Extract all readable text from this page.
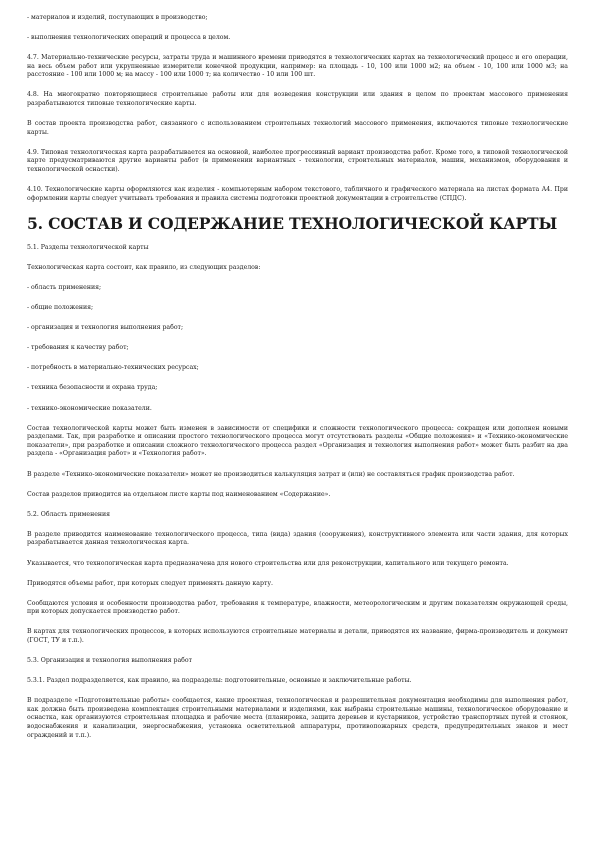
- материалов и изделий, поступающих в производство;
- выполнения технологических операций и процесса в целом.
4.7. Материально-технические ресурсы, затраты труда и машинного времени приводятся в технологических картах на технологический процесс и его операции, на весь объем работ или укрупненные измерители конечной продукции, например: на площадь - 10, 100 или 1000 м2; на объем - 10, 100 или 1000 м3; на расстояние - 100 или 1000 м; на массу - 100 или 1000 т; на количество - 10 или 100 шт.
4.8. На многократно повторяющиеся строительные работы или для возведения конструкции или здания в целом по проектам массового применения разрабатываются типовые технологические карты.
В состав проекта производства работ, связанного с использованием строительных технологий массового применения, включаются типовые технологические карты.
4.9. Типовая технологическая карта разрабатывается на основной, наиболее прогрессивный вариант производства работ. Кроме того, в типовой технологической карте предусматриваются другие варианты работ (в применении вариантных - технологии, строительных материалов, машин, механизмов, оборудования и технологической оснастки).
4.10. Технологические карты оформляются как изделия - компьютерным набором текстового, табличного и графического материала на листах формата А4. При оформлении карты следует учитывать требования и правила системы подготовки проектной документации в строительстве (СПДС).
5. СОСТАВ И СОДЕРЖАНИЕ ТЕХНОЛОГИЧЕСКОЙ КАРТЫ
5.1. Разделы технологической карты
Технологическая карта состоит, как правило, из следующих разделов:
- область применения;
- общие положения;
- организация и технология выполнения работ;
- требования к качеству работ;
- потребность в материально-технических ресурсах;
- техника безопасности и охрана труда;
- технико-экономические показатели.
Состав технологической карты может быть изменен в зависимости от специфики и сложности технологического процесса: сокращен или дополнен новыми разделами. Так, при разработке и описании простого технологического процесса могут отсутствовать разделы «Общие положения» и «Технико-экономические показатели», при разработке и описании сложного технологического процесса раздел «Организация и технология выполнения работ» может быть разбит на два раздела - «Организация работ» и «Технология работ».
В разделе «Технико-экономические показатели» может не производиться калькуляция затрат и (или) не составляться график производства работ.
Состав разделов приводится на отдельном листе карты под наименованием «Содержание».
5.2. Область применения
В разделе приводится наименование технологического процесса, типа (вида) здания (сооружения), конструктивного элемента или части здания, для которых разрабатывается данная технологическая карта.
Указывается, что технологическая карта предназначена для нового строительства или для реконструкции, капитального или текущего ремонта.
Приводятся объемы работ, при которых следует применять данную карту.
Сообщаются условия и особенности производства работ, требования к температуре, влажности, метеорологическим и другим показателям окружающей среды, при которых допускается производство работ.
В картах для технологических процессов, в которых используются строительные материалы и детали, приводятся их название, фирма-производитель и документ (ГОСТ, ТУ и т.п.).
5.3. Организация и технология выполнения работ
5.3.1. Раздел подразделяется, как правило, на подразделы: подготовительные, основные и заключительные работы.
В подразделе «Подготовительные работы» сообщается, какие проектная, технологическая и разрешительная документация необходимы для выполнения работ, как должна быть произведена комплектация строительными материалами и изделиями, как выбраны строительные машины, технологическое оборудование и оснастка, как организуются строительная площадка и рабочие места (планировка, защита деревьев и кустарников, устройство транспортных путей и стоянок, водоснабжения и канализации, энергоснабжения, установка осветительной аппаратуры, противопожарных средств, предупредительных знаков и мест ограждений и т.п.).
